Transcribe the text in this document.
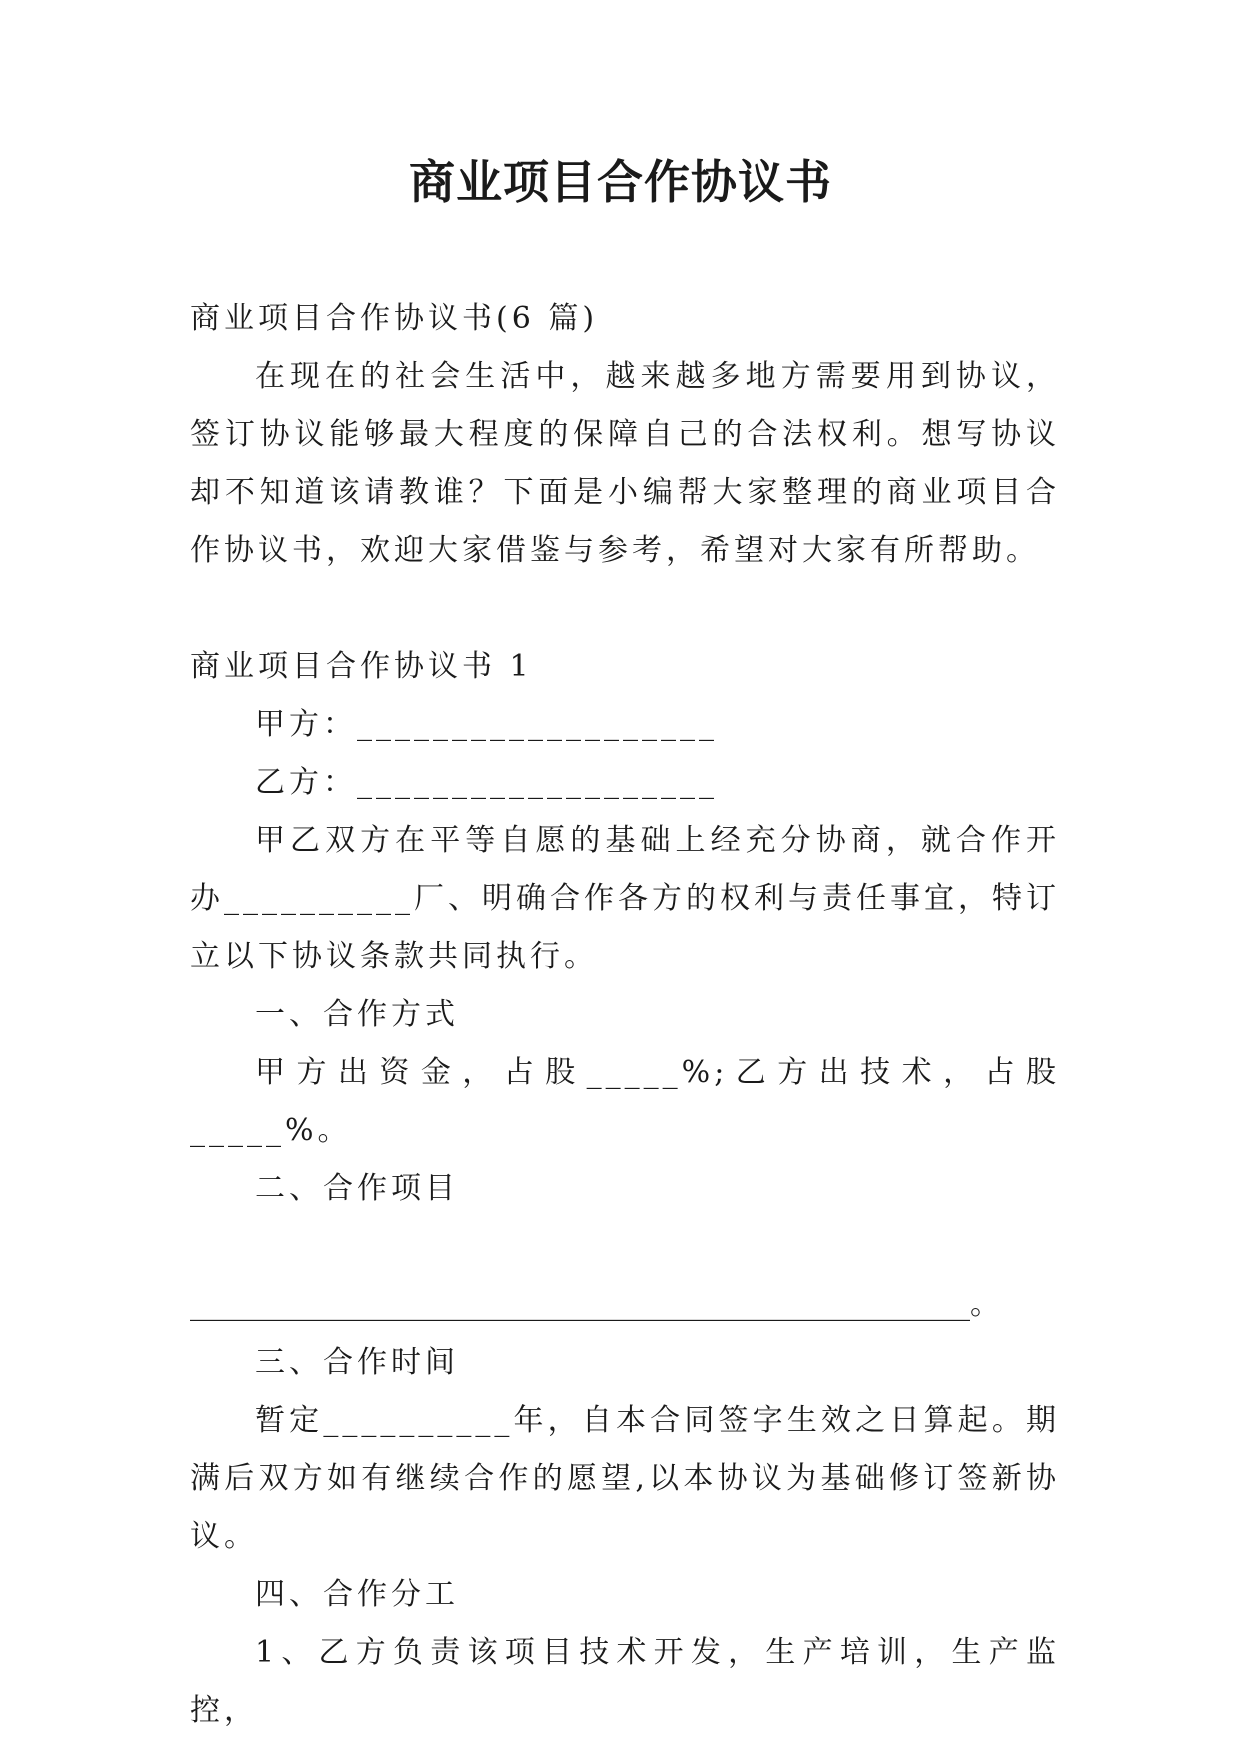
商业项目合作协议书

商业项目合作协议书(6 篇)

在现在的社会生活中，越来越多地方需要用到协议，签订协议能够最大程度的保障自己的合法权利。想写协议却不知道该请教谁？下面是小编帮大家整理的商业项目合作协议书，欢迎大家借鉴与参考，希望对大家有所帮助。

商业项目合作协议书 1

甲方：___________________

乙方：___________________

甲乙双方在平等自愿的基础上经充分协商，就合作开办__________厂、明确合作各方的权利与责任事宜，特订立以下协议条款共同执行。

一、合作方式

甲方出资金，占股_____%;乙方出技术，占股_____%。

二、合作项目

____________________________________________________。

三、合作时间

暂定__________年，自本合同签字生效之日算起。期满后双方如有继续合作的愿望,以本协议为基础修订签新协议。

四、合作分工

1、乙方负责该项目技术开发，生产培训，生产监控，
